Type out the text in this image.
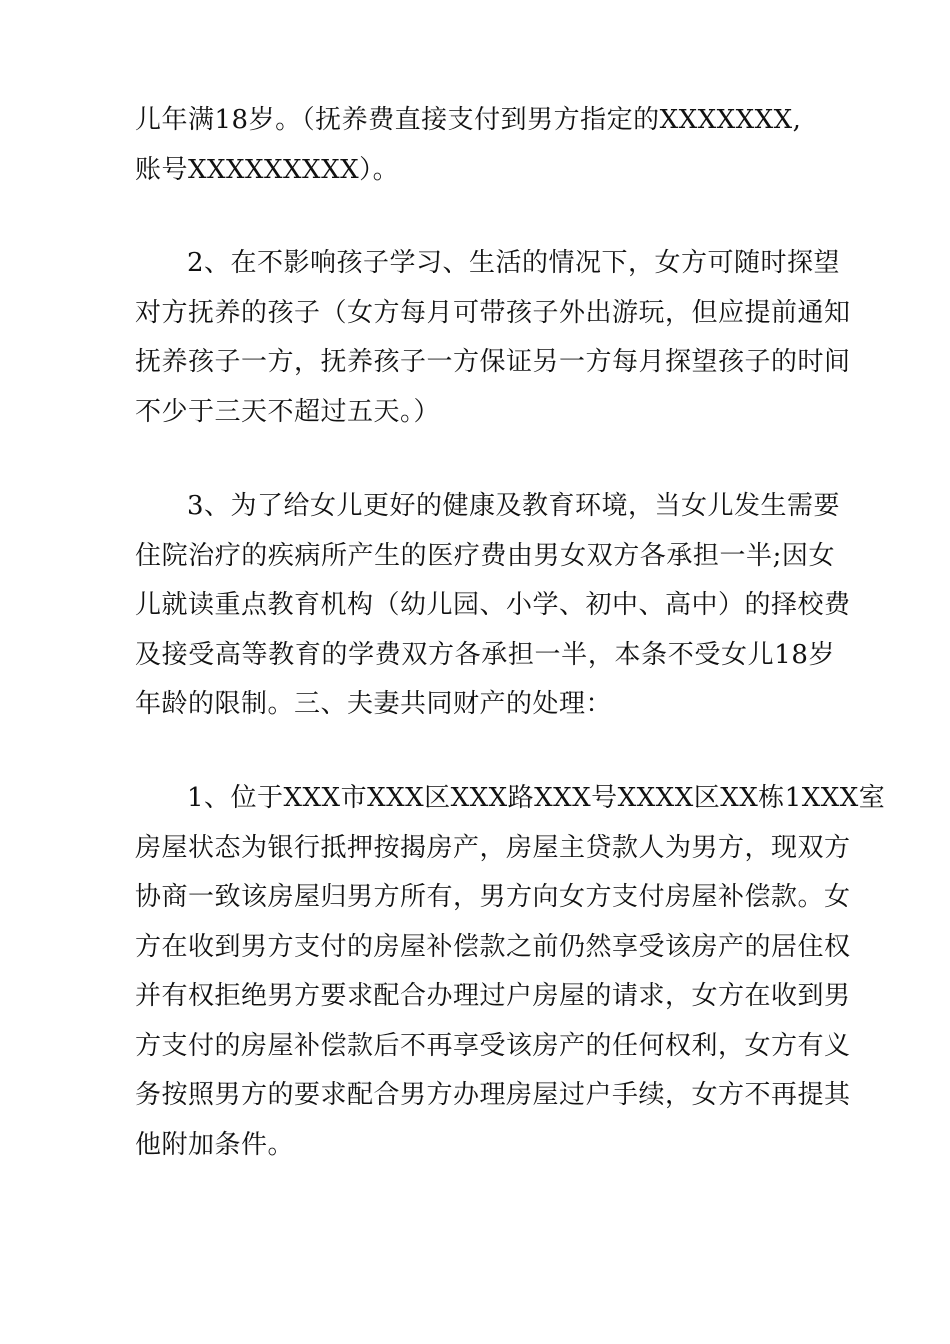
儿年满18岁。（抚养费直接支付到男方指定的XXXXXXX,
账号XXXXXXXXX）。
2、在不影响孩子学习、生活的情况下，女方可随时探望
对方抚养的孩子（女方每月可带孩子外出游玩，但应提前通知
抚养孩子一方，抚养孩子一方保证另一方每月探望孩子的时间
不少于三天不超过五天。）
3、为了给女儿更好的健康及教育环境，当女儿发生需要
住院治疗的疾病所产生的医疗费由男女双方各承担一半;因女
儿就读重点教育机构（幼儿园、小学、初中、高中）的择校费
及接受高等教育的学费双方各承担一半，本条不受女儿18岁
年龄的限制。三、夫妻共同财产的处理：
1、位于XXX市XXX区XXX路XXX号XXXX区XX栋1XXX室
房屋状态为银行抵押按揭房产，房屋主贷款人为男方，现双方
协商一致该房屋归男方所有，男方向女方支付房屋补偿款。女
方在收到男方支付的房屋补偿款之前仍然享受该房产的居住权
并有权拒绝男方要求配合办理过户房屋的请求，女方在收到男
方支付的房屋补偿款后不再享受该房产的任何权利，女方有义
务按照男方的要求配合男方办理房屋过户手续，女方不再提其
他附加条件。
